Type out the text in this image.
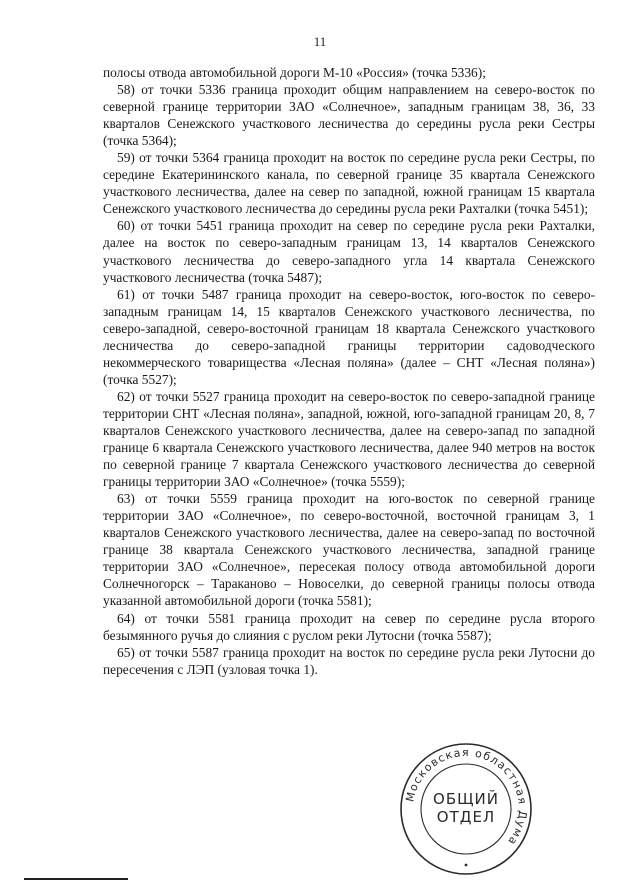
11

полосы отвода автомобильной дороги М-10 «Россия» (точка 5336);

58) от точки 5336 граница проходит общим направлением на северо-восток по северной границе территории ЗАО «Солнечное», западным границам 38, 36, 33 кварталов Сенежского участкового лесничества до середины русла реки Сестры (точка 5364);

59) от точки 5364 граница проходит на восток по середине русла реки Сестры, по середине Екатерининского канала, по северной границе 35 квартала Сенежского участкового лесничества, далее на север по западной, южной границам 15 квартала Сенежского участкового лесничества до середины русла реки Рахталки (точка 5451);

60) от точки 5451 граница проходит на север по середине русла реки Рахталки, далее на восток по северо-западным границам 13, 14 кварталов Сенежского участкового лесничества до северо-западного угла 14 квартала Сенежского участкового лесничества (точка 5487);

61) от точки 5487 граница проходит на северо-восток, юго-восток по северо-западным границам 14, 15 кварталов Сенежского участкового лесничества, по северо-западной, северо-восточной границам 18 квартала Сенежского участкового лесничества до северо-западной границы территории садоводческого некоммерческого товарищества «Лесная поляна» (далее – СНТ «Лесная поляна») (точка 5527);

62) от точки 5527 граница проходит на северо-восток по северо-западной границе территории СНТ «Лесная поляна», западной, южной, юго-западной границам 20, 8, 7 кварталов Сенежского участкового лесничества, далее на северо-запад по западной границе 6 квартала Сенежского участкового лесничества, далее 940 метров на восток по северной границе 7 квартала Сенежского участкового лесничества до северной границы территории ЗАО «Солнечное» (точка 5559);

63) от точки 5559 граница проходит на юго-восток по северной границе территории ЗАО «Солнечное», по северо-восточной, восточной границам 3, 1 кварталов Сенежского участкового лесничества, далее на северо-запад по восточной границе 38 квартала Сенежского участкового лесничества, западной границе территории ЗАО «Солнечное», пересекая полосу отвода автомобильной дороги Солнечногорск – Тараканово – Новоселки, до северной границы полосы отвода указанной автомобильной дороги (точка 5581);

64) от точки 5581 граница проходит на север по середине русла второго безымянного ручья до слияния с руслом реки Лутосни (точка 5587);

65) от точки 5587 граница проходит на восток по середине русла реки Лутосни до пересечения с ЛЭП (узловая точка 1).

Московская областная Дума
ОБЩИЙ
ОТДЕЛ
